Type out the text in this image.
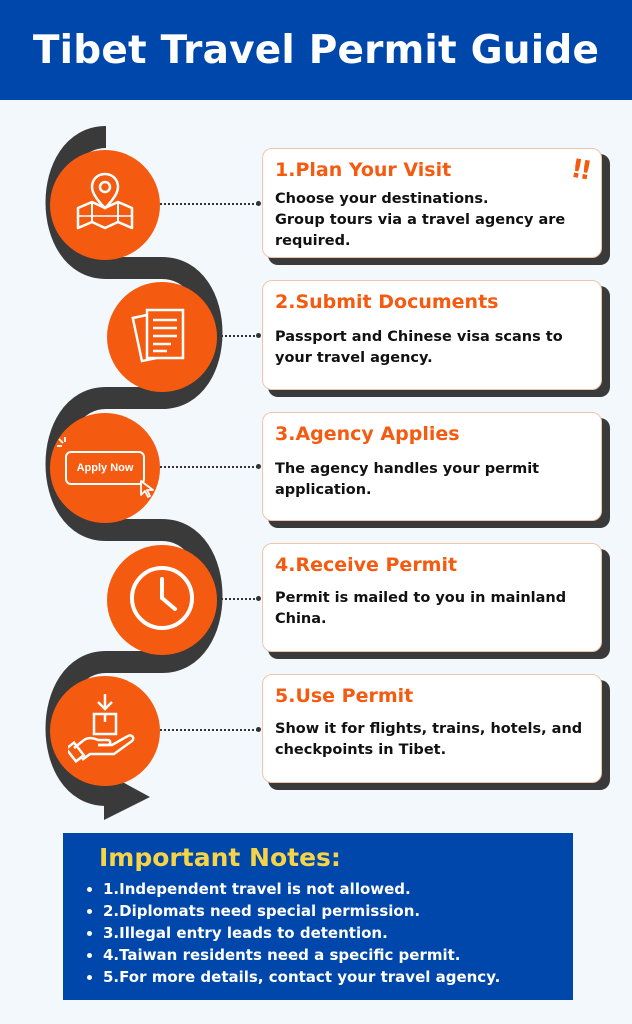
Tibet Travel Permit Guide
1.Plan Your Visit
Choose your destinations.
Group tours via a travel agency are required.
!!
2.Submit Documents
Passport and Chinese visa scans to your travel agency.
Apply Now
3.Agency Applies
The agency handles your permit application.
4.Receive Permit
Permit is mailed to you in mainland China.
5.Use Permit
Show it for flights, trains, hotels, and checkpoints in Tibet.
Important Notes:
• 1.Independent travel is not allowed.
• 2.Diplomats need special permission.
• 3.Illegal entry leads to detention.
• 4.Taiwan residents need a specific permit.
• 5.For more details, contact your travel agency.
